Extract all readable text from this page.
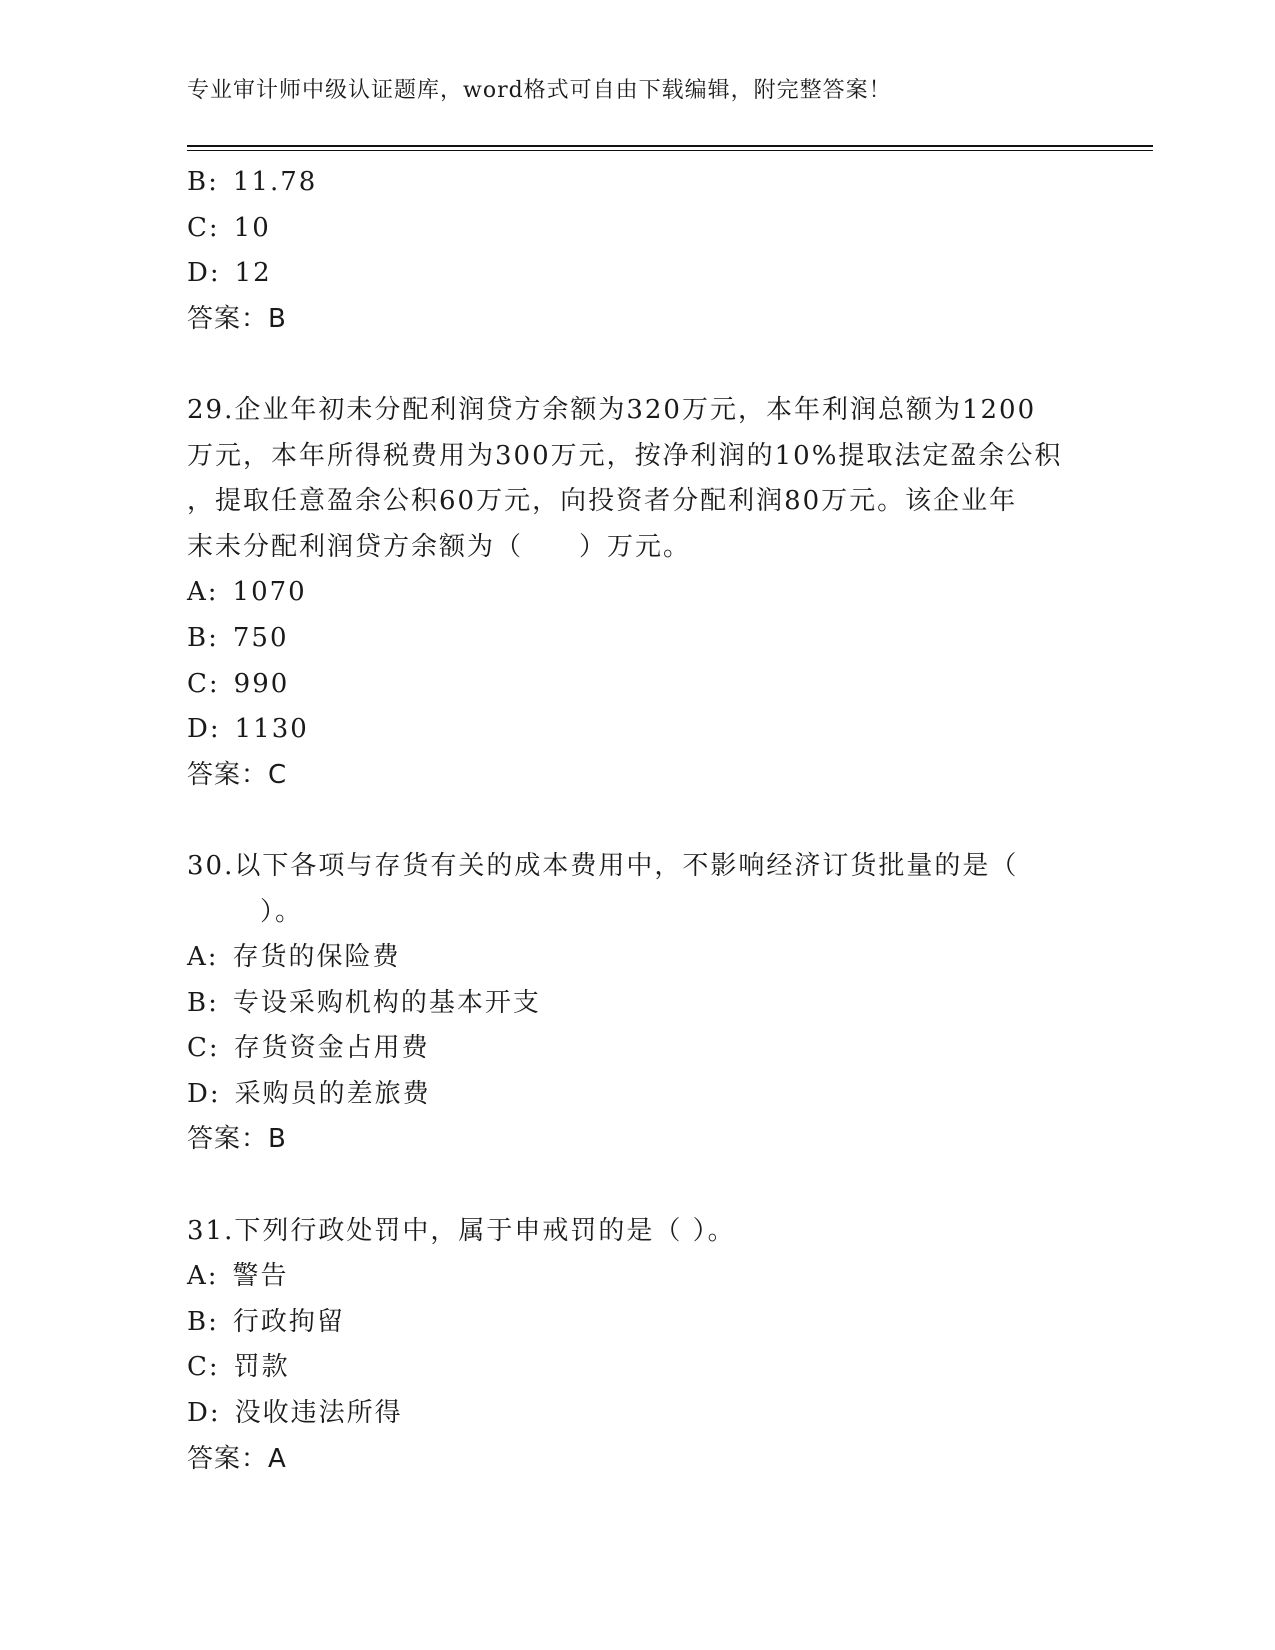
专业审计师中级认证题库，word格式可自由下载编辑，附完整答案！
B: 11.78
C: 10
D: 12
答案：B
29.企业年初未分配利润贷方余额为320万元，本年利润总额为1200
万元，本年所得税费用为300万元，按净利润的10%提取法定盈余公积
，提取任意盈余公积60万元，向投资者分配利润80万元。该企业年
末未分配利润贷方余额为（　　）万元。
A: 1070
B: 750
C: 990
D: 1130
答案：C
30.以下各项与存货有关的成本费用中，不影响经济订货批量的是（
　）。
A: 存货的保险费
B: 专设采购机构的基本开支
C: 存货资金占用费
D: 采购员的差旅费
答案：B
31.下列行政处罚中，属于申戒罚的是（ ）。
A: 警告
B: 行政拘留
C: 罚款
D: 没收违法所得
答案：A
